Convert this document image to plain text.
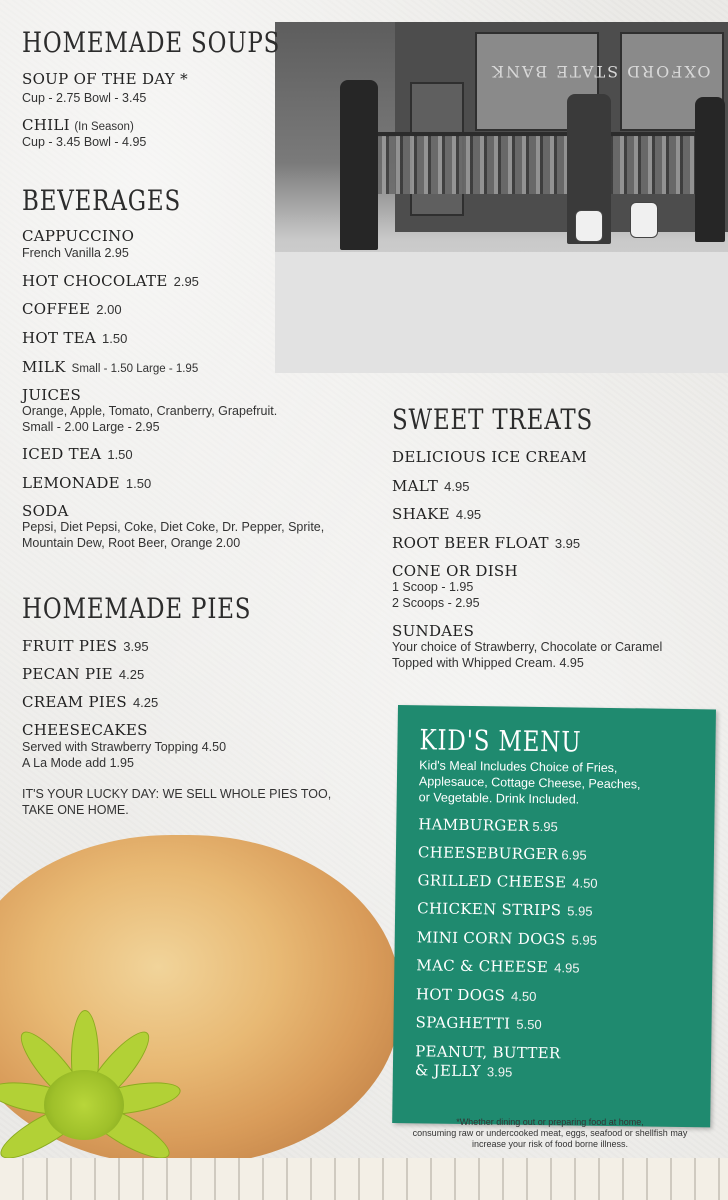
OXFORD STATE BANK
HOMEMADE SOUPS
SOUP OF THE DAY *
Cup - 2.75 Bowl - 3.45
CHILI (In Season)
Cup - 3.45 Bowl - 4.95
BEVERAGES
CAPPUCCINO
French Vanilla 2.95
HOT CHOCOLATE 2.95
COFFEE 2.00
HOT TEA 1.50
MILK Small - 1.50 Large - 1.95
JUICES
Orange, Apple, Tomato, Cranberry, Grapefruit.
Small - 2.00 Large - 2.95
ICED TEA 1.50
LEMONADE 1.50
SODA
Pepsi, Diet Pepsi, Coke, Diet Coke, Dr. Pepper, Sprite,
Mountain Dew, Root Beer, Orange 2.00
HOMEMADE PIES
FRUIT PIES 3.95
PECAN PIE 4.25
CREAM PIES 4.25
CHEESECAKES
Served with Strawberry Topping 4.50
A La Mode add 1.95
IT'S YOUR LUCKY DAY: WE SELL WHOLE PIES TOO,
TAKE ONE HOME.
SWEET TREATS
DELICIOUS ICE CREAM
MALT 4.95
SHAKE 4.95
ROOT BEER FLOAT 3.95
CONE OR DISH
1 Scoop - 1.95
2 Scoops - 2.95
SUNDAES
Your choice of Strawberry, Chocolate or Caramel
Topped with Whipped Cream. 4.95
KID'S MENU
Kid's Meal Includes Choice of Fries,
Applesauce, Cottage Cheese, Peaches,
or Vegetable. Drink Included.
HAMBURGER 5.95
CHEESEBURGER 6.95
GRILLED CHEESE 4.50
CHICKEN STRIPS 5.95
MINI CORN DOGS 5.95
MAC & CHEESE 4.95
HOT DOGS 4.50
SPAGHETTI 5.50
PEANUT, BUTTER
& JELLY 3.95
*Whether dining out or preparing food at home,
consuming raw or undercooked meat, eggs, seafood or shellfish may
increase your risk of food borne illness.
